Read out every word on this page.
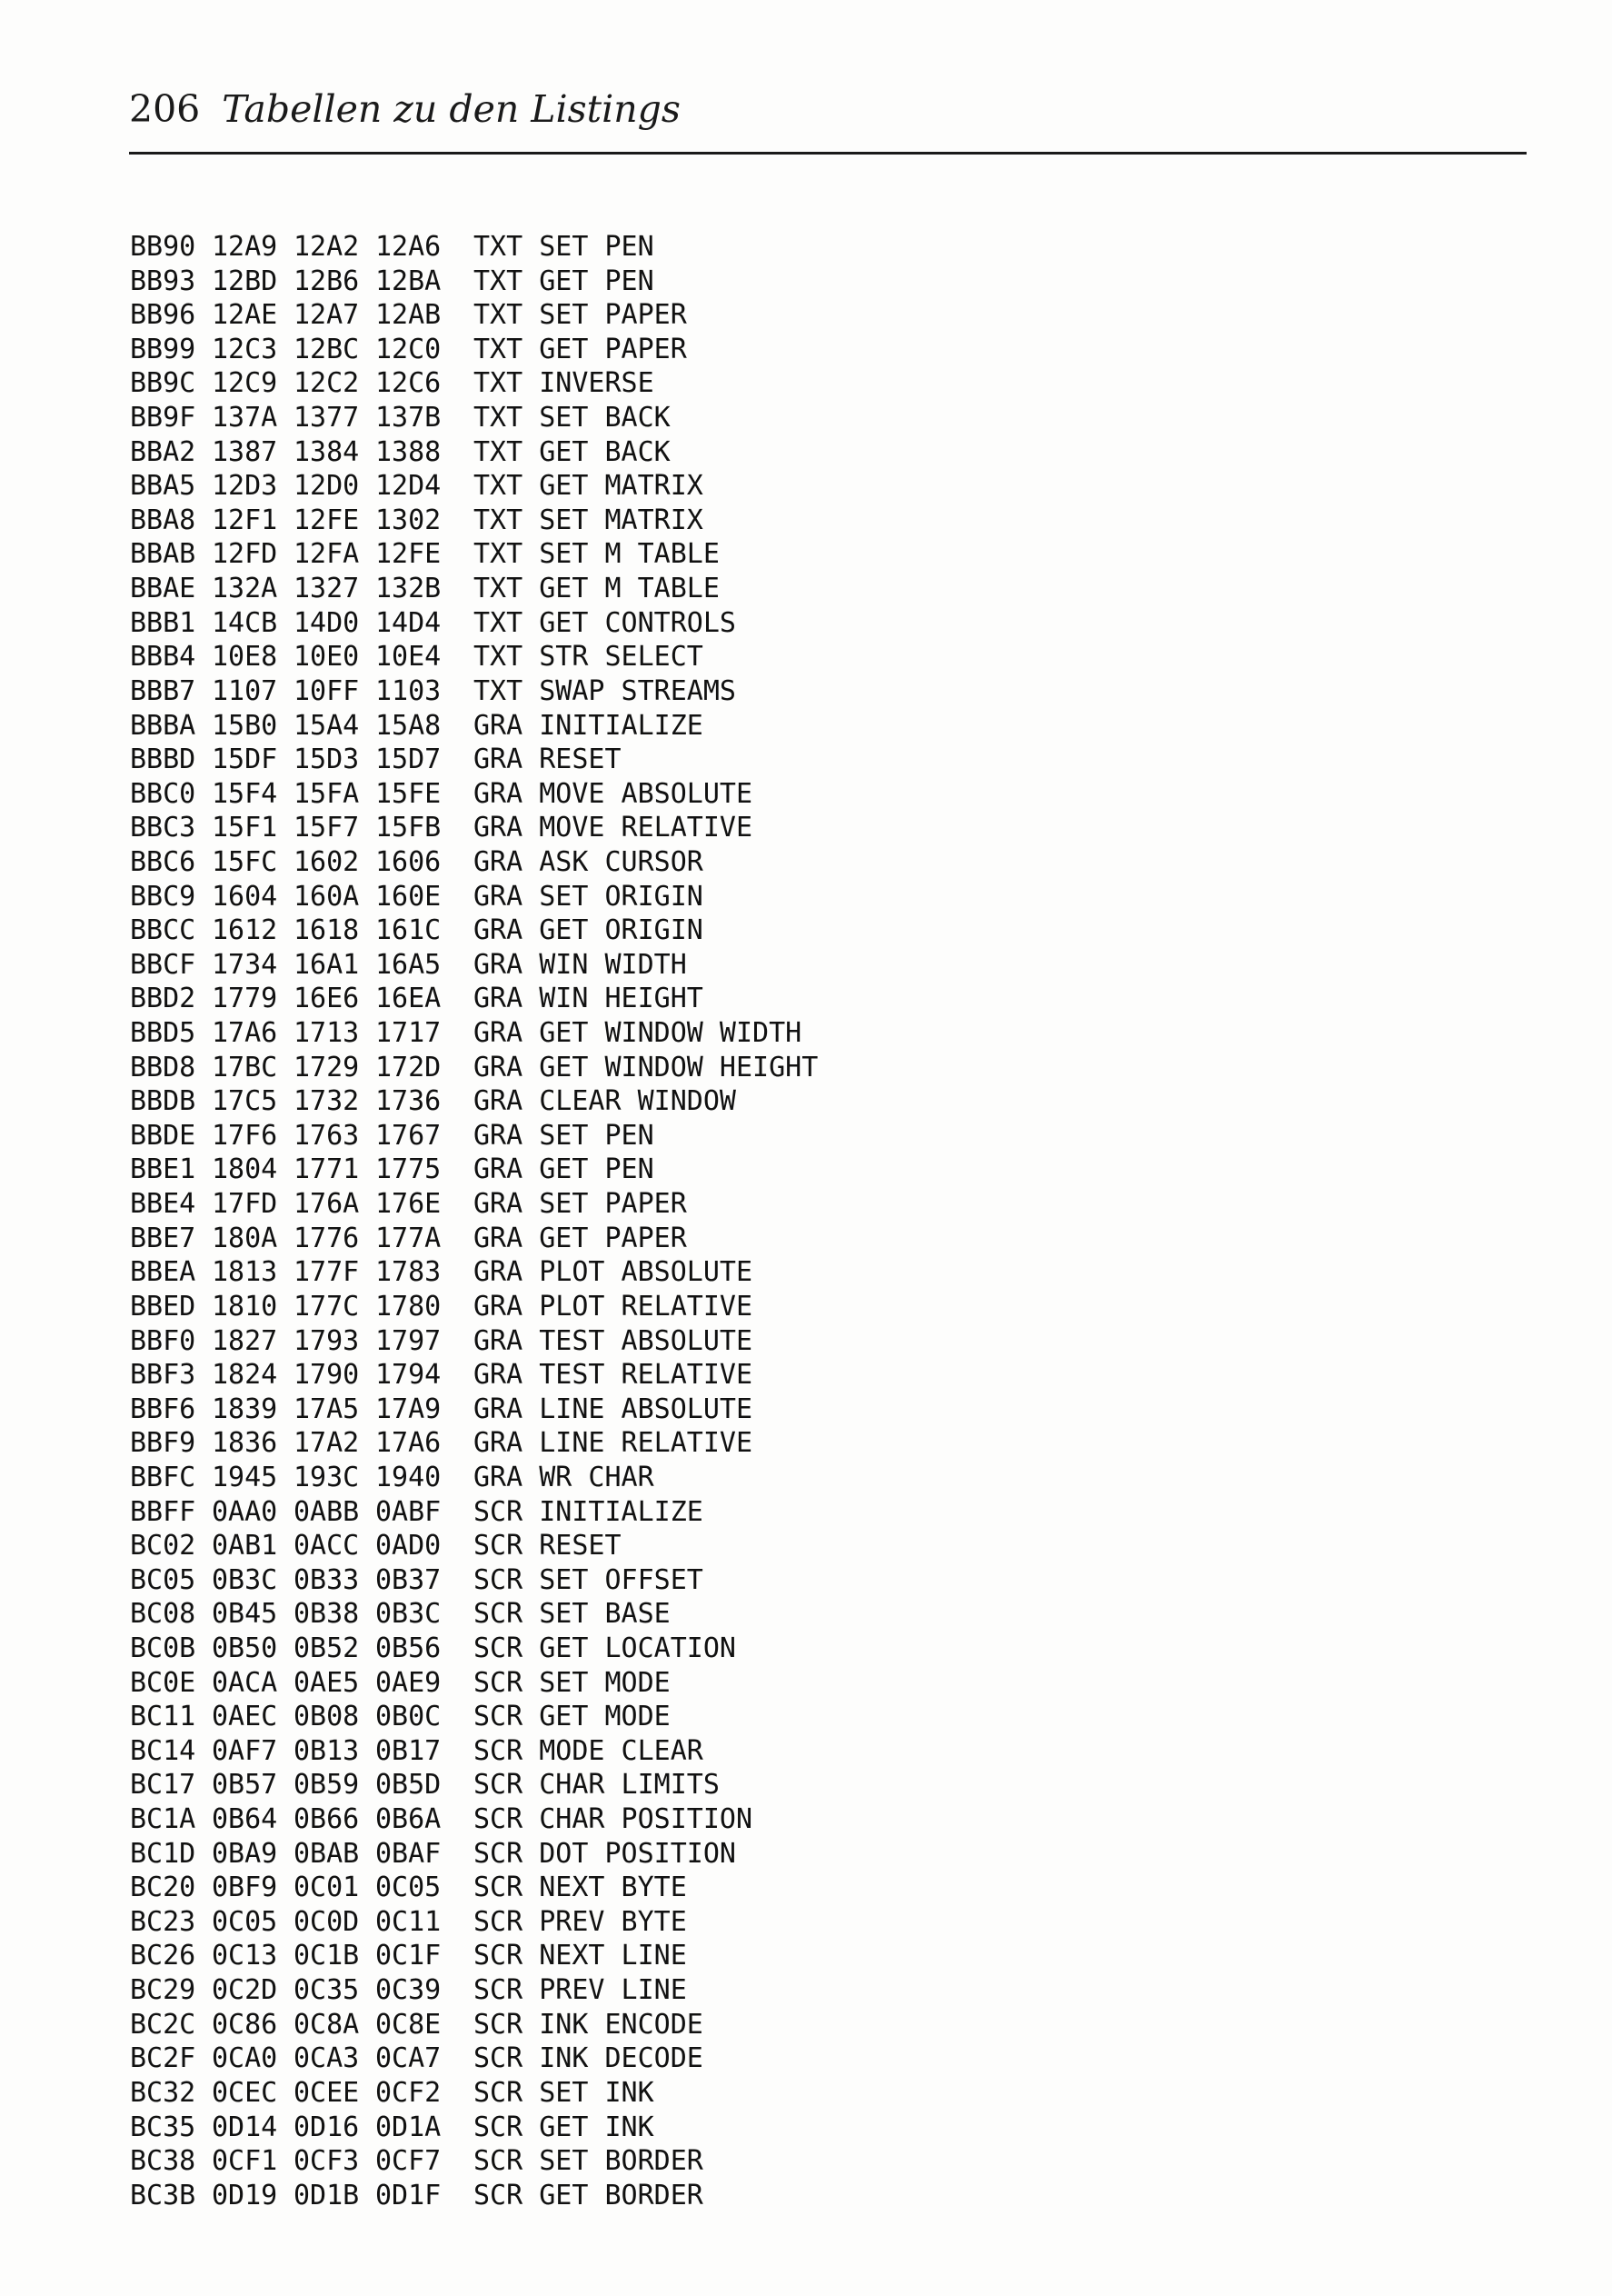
206 Tabellen zu den Listings
BB90 12A9 12A2 12A6 TXT SET PEN
BB93 12BD 12B6 12BA TXT GET PEN
BB96 12AE 12A7 12AB TXT SET PAPER
BB99 12C3 12BC 12C0 TXT GET PAPER
BB9C 12C9 12C2 12C6 TXT INVERSE
BB9F 137A 1377 137B TXT SET BACK
BBA2 1387 1384 1388 TXT GET BACK
BBA5 12D3 12D0 12D4 TXT GET MATRIX
BBA8 12F1 12FE 1302 TXT SET MATRIX
BBAB 12FD 12FA 12FE TXT SET M TABLE
BBAE 132A 1327 132B TXT GET M TABLE
BBB1 14CB 14D0 14D4 TXT GET CONTROLS
BBB4 10E8 10E0 10E4 TXT STR SELECT
BBB7 1107 10FF 1103 TXT SWAP STREAMS
BBBA 15B0 15A4 15A8 GRA INITIALIZE
BBBD 15DF 15D3 15D7 GRA RESET
BBC0 15F4 15FA 15FE GRA MOVE ABSOLUTE
BBC3 15F1 15F7 15FB GRA MOVE RELATIVE
BBC6 15FC 1602 1606 GRA ASK CURSOR
BBC9 1604 160A 160E GRA SET ORIGIN
BBCC 1612 1618 161C GRA GET ORIGIN
BBCF 1734 16A1 16A5 GRA WIN WIDTH
BBD2 1779 16E6 16EA GRA WIN HEIGHT
BBD5 17A6 1713 1717 GRA GET WINDOW WIDTH
BBD8 17BC 1729 172D GRA GET WINDOW HEIGHT
BBDB 17C5 1732 1736 GRA CLEAR WINDOW
BBDE 17F6 1763 1767 GRA SET PEN
BBE1 1804 1771 1775 GRA GET PEN
BBE4 17FD 176A 176E GRA SET PAPER
BBE7 180A 1776 177A GRA GET PAPER
BBEA 1813 177F 1783 GRA PLOT ABSOLUTE
BBED 1810 177C 1780 GRA PLOT RELATIVE
BBF0 1827 1793 1797 GRA TEST ABSOLUTE
BBF3 1824 1790 1794 GRA TEST RELATIVE
BBF6 1839 17A5 17A9 GRA LINE ABSOLUTE
BBF9 1836 17A2 17A6 GRA LINE RELATIVE
BBFC 1945 193C 1940 GRA WR CHAR
BBFF 0AA0 0ABB 0ABF SCR INITIALIZE
BC02 0AB1 0ACC 0AD0 SCR RESET
BC05 0B3C 0B33 0B37 SCR SET OFFSET
BC08 0B45 0B38 0B3C SCR SET BASE
BC0B 0B50 0B52 0B56 SCR GET LOCATION
BC0E 0ACA 0AE5 0AE9 SCR SET MODE
BC11 0AEC 0B08 0B0C SCR GET MODE
BC14 0AF7 0B13 0B17 SCR MODE CLEAR
BC17 0B57 0B59 0B5D SCR CHAR LIMITS
BC1A 0B64 0B66 0B6A SCR CHAR POSITION
BC1D 0BA9 0BAB 0BAF SCR DOT POSITION
BC20 0BF9 0C01 0C05 SCR NEXT BYTE
BC23 0C05 0C0D 0C11 SCR PREV BYTE
BC26 0C13 0C1B 0C1F SCR NEXT LINE
BC29 0C2D 0C35 0C39 SCR PREV LINE
BC2C 0C86 0C8A 0C8E SCR INK ENCODE
BC2F 0CA0 0CA3 0CA7 SCR INK DECODE
BC32 0CEC 0CEE 0CF2 SCR SET INK
BC35 0D14 0D16 0D1A SCR GET INK
BC38 0CF1 0CF3 0CF7 SCR SET BORDER
BC3B 0D19 0D1B 0D1F SCR GET BORDER
